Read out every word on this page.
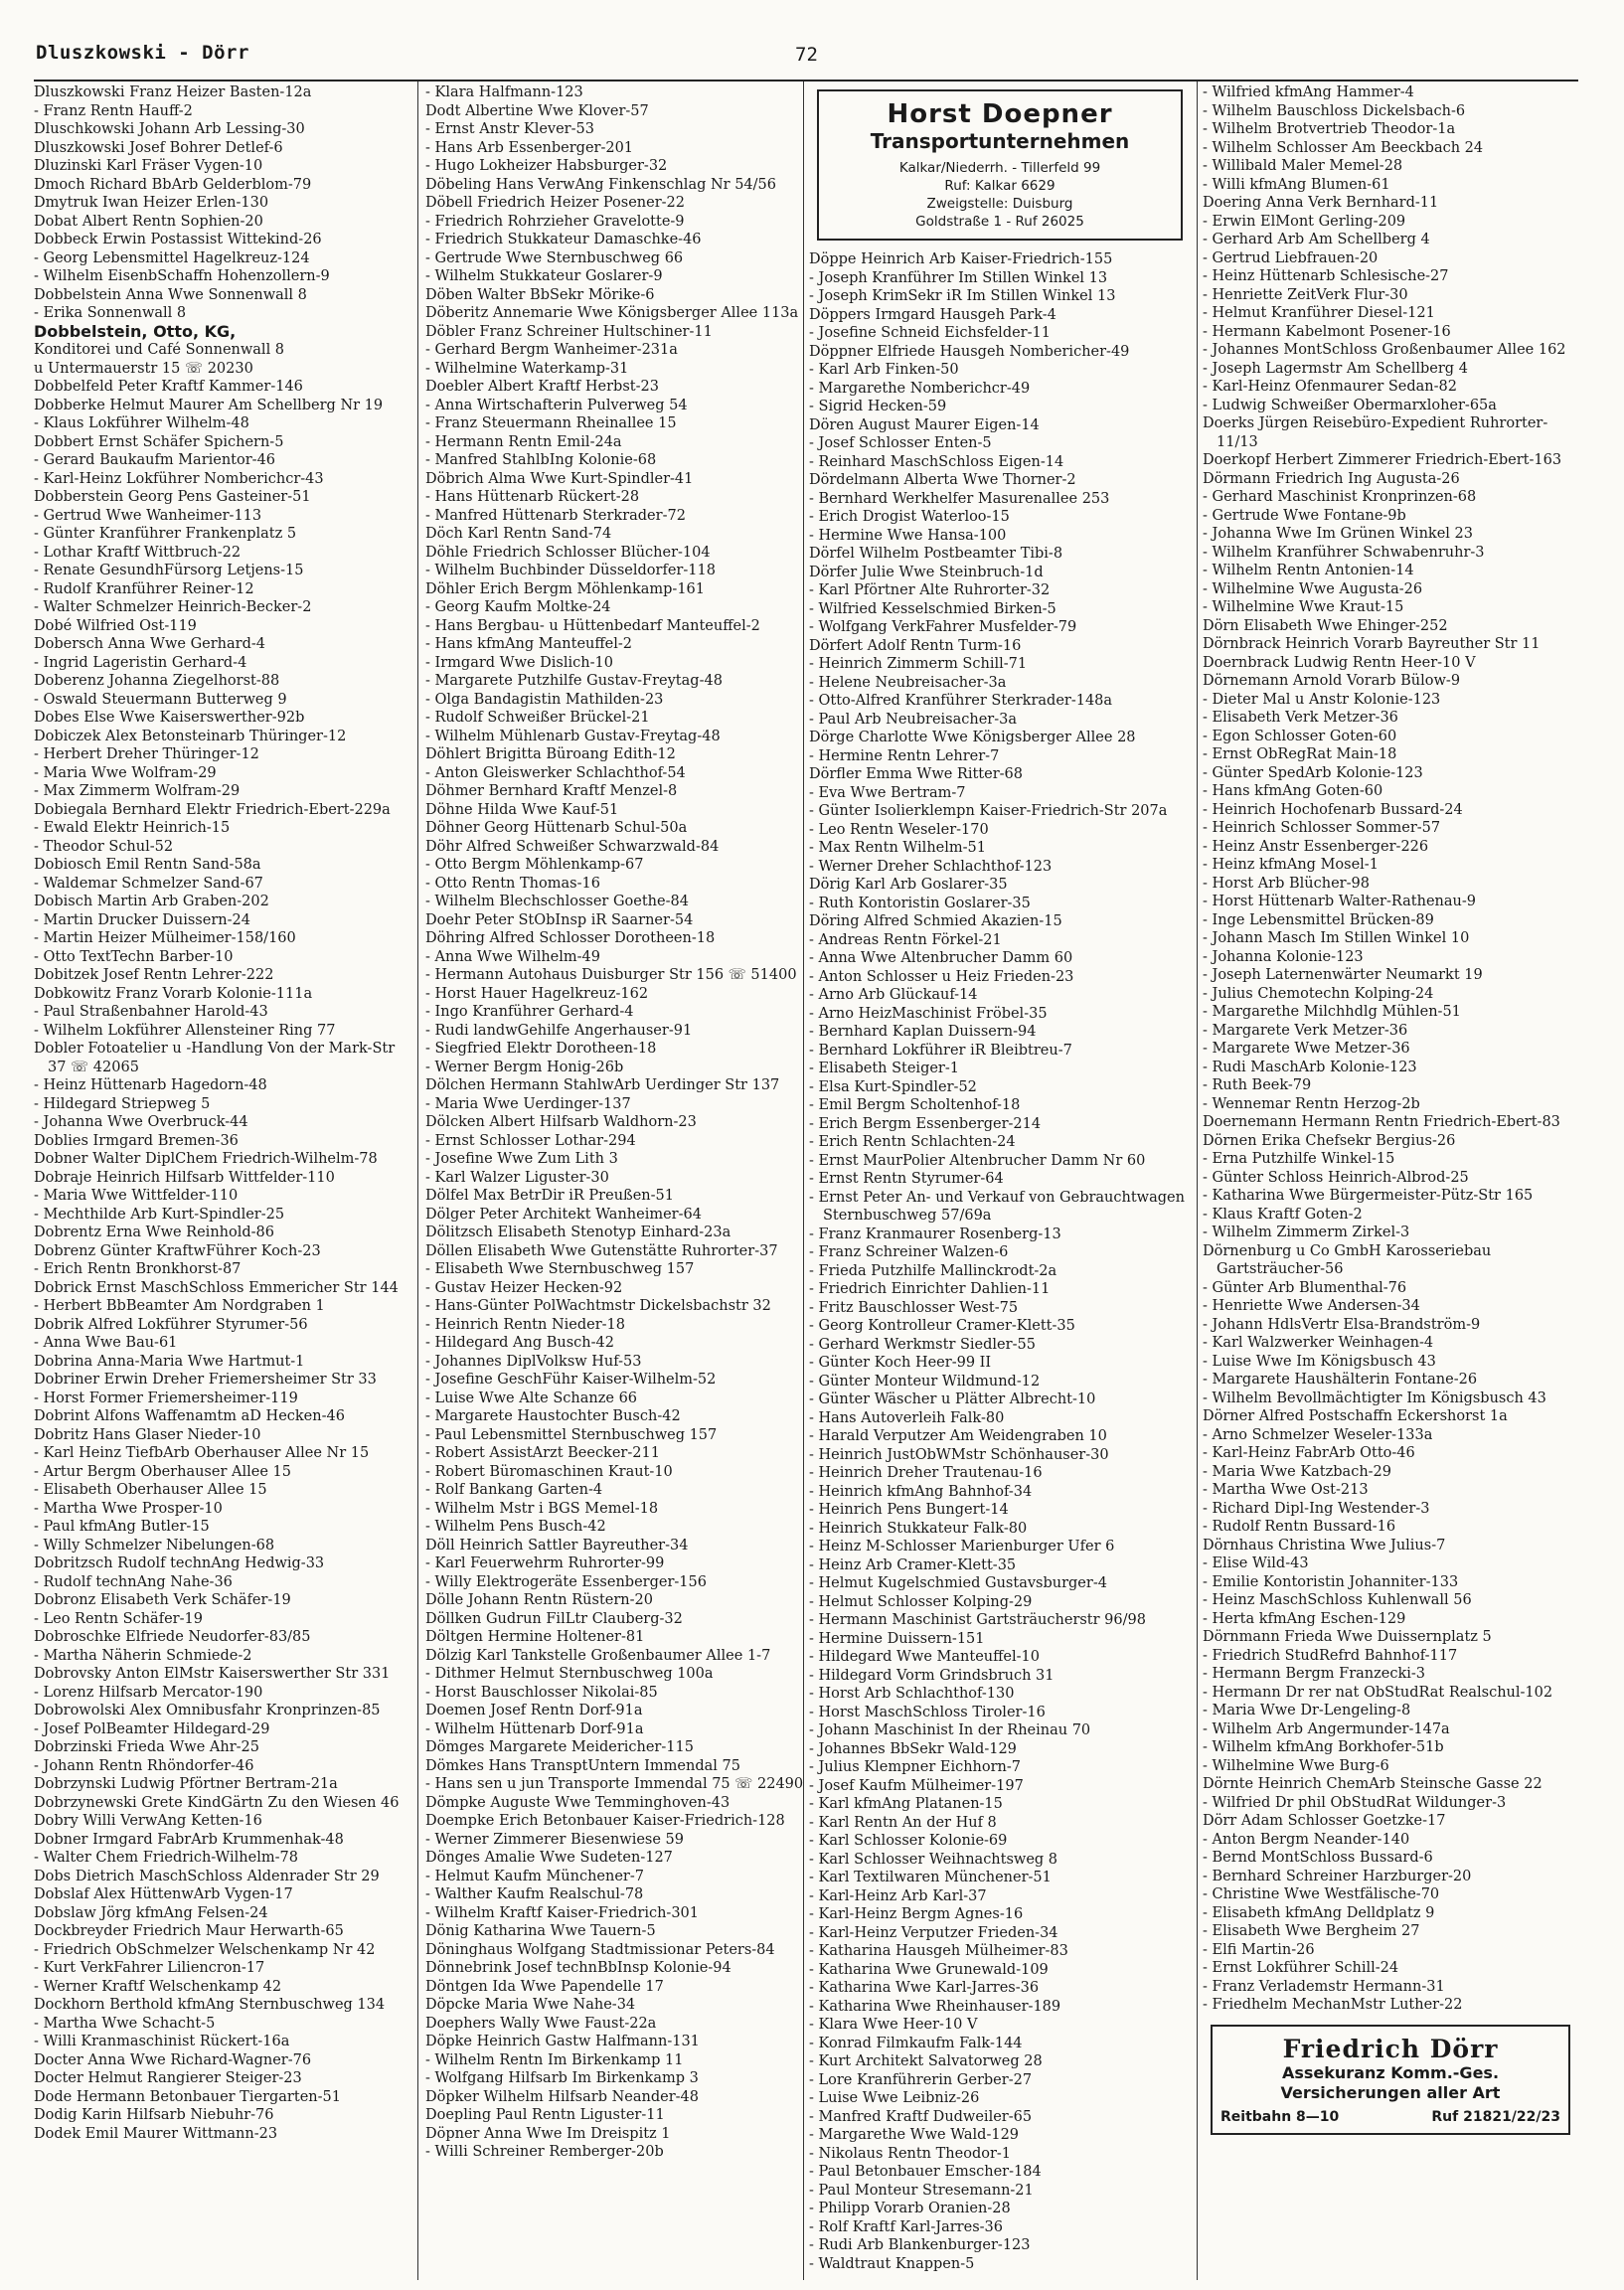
Dluszkowski - Dörr	72
Dluszkowski Franz Heizer Basten-12a
- Franz Rentn Hauff-2
Dluschkowski Johann Arb Lessing-30
Dluszkowski Josef Bohrer Detlef-6
Dluzinski Karl Fräser Vygen-10
Dmoch Richard BbArb Gelderblom-79
Dmytruk Iwan Heizer Erlen-130
Dobat Albert Rentn Sophien-20
Dobbeck Erwin Postassist Wittekind-26
- Georg Lebensmittel Hagelkreuz-124
- Wilhelm EisenbSchaffn Hohenzollern-9
Dobbelstein Anna Wwe Sonnenwall 8
- Erika Sonnenwall 8
Dobbelstein, Otto, KG,
Konditorei und Café Sonnenwall 8
u Untermauerstr 15 ☏ 20230
Dobbelfeld Peter Kraftf Kammer-146
Dobberke Helmut Maurer Am Schellberg Nr 19
- Klaus Lokführer Wilhelm-48
Dobbert Ernst Schäfer Spichern-5
- Gerard Baukaufm Marientor-46
- Karl-Heinz Lokführer Nomberichcr-43
Dobberstein Georg Pens Gasteiner-51
- Gertrud Wwe Wanheimer-113
- Günter Kranführer Frankenplatz 5
- Lothar Kraftf Wittbruch-22
- Renate GesundhFürsorg Letjens-15
- Rudolf Kranführer Reiner-12
- Walter Schmelzer Heinrich-Becker-2
Dobé Wilfried Ost-119
Dobersch Anna Wwe Gerhard-4
- Ingrid Lageristin Gerhard-4
Doberenz Johanna Ziegelhorst-88
- Oswald Steuermann Butterweg 9
Dobes Else Wwe Kaiserswerther-92b
Dobiczek Alex Betonsteinarb Thüringer-12
- Herbert Dreher Thüringer-12
- Maria Wwe Wolfram-29
- Max Zimmerm Wolfram-29
Dobiegala Bernhard Elektr Friedrich-Ebert-229a
- Ewald Elektr Heinrich-15
- Theodor Schul-52
Dobiosch Emil Rentn Sand-58a
- Waldemar Schmelzer Sand-67
Dobisch Martin Arb Graben-202
- Martin Drucker Duissern-24
- Martin Heizer Mülheimer-158/160
- Otto TextTechn Barber-10
Dobitzek Josef Rentn Lehrer-222
Dobkowitz Franz Vorarb Kolonie-111a
- Paul Straßenbahner Harold-43
- Wilhelm Lokführer Allensteiner Ring 77
Dobler Fotoatelier u -Handlung Von der Mark-Str 37 ☏ 42065
- Heinz Hüttenarb Hagedorn-48
- Hildegard Striepweg 5
- Johanna Wwe Overbruck-44
Doblies Irmgard Bremen-36
Dobner Walter DiplChem Friedrich-Wilhelm-78
Dobraje Heinrich Hilfsarb Wittfelder-110
- Maria Wwe Wittfelder-110
- Mechthilde Arb Kurt-Spindler-25
Dobrentz Erna Wwe Reinhold-86
Dobrenz Günter KraftwFührer Koch-23
- Erich Rentn Bronkhorst-87
Dobrick Ernst MaschSchloss Emmericher Str 144
- Herbert BbBeamter Am Nordgraben 1
Dobrik Alfred Lokführer Styrumer-56
- Anna Wwe Bau-61
Dobrina Anna-Maria Wwe Hartmut-1
Dobriner Erwin Dreher Friemersheimer Str 33
- Horst Former Friemersheimer-119
Dobrint Alfons Waffenamtm aD Hecken-46
Dobritz Hans Glaser Nieder-10
- Karl Heinz TiefbArb Oberhauser Allee Nr 15
- Artur Bergm Oberhauser Allee 15
- Elisabeth Oberhauser Allee 15
- Martha Wwe Prosper-10
- Paul kfmAng Butler-15
- Willy Schmelzer Nibelungen-68
Dobritzsch Rudolf technAng Hedwig-33
- Rudolf technAng Nahe-36
Dobronz Elisabeth Verk Schäfer-19
- Leo Rentn Schäfer-19
Dobroschke Elfriede Neudorfer-83/85
- Martha Näherin Schmiede-2
Dobrovsky Anton ElMstr Kaiserswerther Str 331
- Lorenz Hilfsarb Mercator-190
Dobrowolski Alex Omnibusfahr Kronprinzen-85
- Josef PolBeamter Hildegard-29
Dobrzinski Frieda Wwe Ahr-25
- Johann Rentn Rhöndorfer-46
Dobrzynski Ludwig Pförtner Bertram-21a
Dobrzynewski Grete KindGärtn Zu den Wiesen 46
Dobry Willi VerwAng Ketten-16
Dobner Irmgard FabrArb Krummenhak-48
- Walter Chem Friedrich-Wilhelm-78
Dobs Dietrich MaschSchloss Aldenrader Str 29
Dobslaf Alex HüttenwArb Vygen-17
Dobslaw Jörg kfmAng Felsen-24
Dockbreyder Friedrich Maur Herwarth-65
- Friedrich ObSchmelzer Welschenkamp Nr 42
- Kurt VerkFahrer Liliencron-17
- Werner Kraftf Welschenkamp 42
Dockhorn Berthold kfmAng Sternbuschweg 134
- Martha Wwe Schacht-5
- Willi Kranmaschinist Rückert-16a
Docter Anna Wwe Richard-Wagner-76
Docter Helmut Rangierer Steiger-23
Dode Hermann Betonbauer Tiergarten-51
Dodig Karin Hilfsarb Niebuhr-76
Dodek Emil Maurer Wittmann-23
- Klara Halfmann-123
Dodt Albertine Wwe Klover-57
- Ernst Anstr Klever-53
- Hans Arb Essenberger-201
- Hugo Lokheizer Habsburger-32
Döbeling Hans VerwAng Finkenschlag Nr 54/56
Döbell Friedrich Heizer Posener-22
- Friedrich Rohrzieher Gravelotte-9
- Friedrich Stukkateur Damaschke-46
- Gertrude Wwe Sternbuschweg 66
- Wilhelm Stukkateur Goslarer-9
Döben Walter BbSekr Mörike-6
Döberitz Annemarie Wwe Königsberger Allee 113a
Döbler Franz Schreiner Hultschiner-11
- Gerhard Bergm Wanheimer-231a
- Wilhelmine Waterkamp-31
Doebler Albert Kraftf Herbst-23
- Anna Wirtschafterin Pulverweg 54
- Franz Steuermann Rheinallee 15
- Hermann Rentn Emil-24a
- Manfred StahlbIng Kolonie-68
Döbrich Alma Wwe Kurt-Spindler-41
- Hans Hüttenarb Rückert-28
- Manfred Hüttenarb Sterkrader-72
Döch Karl Rentn Sand-74
Döhle Friedrich Schlosser Blücher-104
- Wilhelm Buchbinder Düsseldorfer-118
Döhler Erich Bergm Möhlenkamp-161
- Georg Kaufm Moltke-24
- Hans Bergbau- u Hüttenbedarf Manteuffel-2
- Hans kfmAng Manteuffel-2
- Irmgard Wwe Dislich-10
- Margarete Putzhilfe Gustav-Freytag-48
- Olga Bandagistin Mathilden-23
- Rudolf Schweißer Brückel-21
- Wilhelm Mühlenarb Gustav-Freytag-48
Döhlert Brigitta Büroang Edith-12
- Anton Gleiswerker Schlachthof-54
Döhmer Bernhard Kraftf Menzel-8
Döhne Hilda Wwe Kauf-51
Döhner Georg Hüttenarb Schul-50a
Döhr Alfred Schweißer Schwarzwald-84
- Otto Bergm Möhlenkamp-67
- Otto Rentn Thomas-16
- Wilhelm Blechschlosser Goethe-84
Doehr Peter StObInsp iR Saarner-54
Döhring Alfred Schlosser Dorotheen-18
- Anna Wwe Wilhelm-49
- Hermann Autohaus Duisburger Str 156 ☏ 51400
- Horst Hauer Hagelkreuz-162
- Ingo Kranführer Gerhard-4
- Rudi landwGehilfe Angerhauser-91
- Siegfried Elektr Dorotheen-18
- Werner Bergm Honig-26b
Dölchen Hermann StahlwArb Uerdinger Str 137
- Maria Wwe Uerdinger-137
Dölcken Albert Hilfsarb Waldhorn-23
- Ernst Schlosser Lothar-294
- Josefine Wwe Zum Lith 3
- Karl Walzer Liguster-30
Dölfel Max BetrDir iR Preußen-51
Dölger Peter Architekt Wanheimer-64
Dölitzsch Elisabeth Stenotyp Einhard-23a
Döllen Elisabeth Wwe Gutenstätte Ruhrorter-37
- Elisabeth Wwe Sternbuschweg 157
- Gustav Heizer Hecken-92
- Hans-Günter PolWachtmstr Dickelsbachstr 32
- Heinrich Rentn Nieder-18
- Hildegard Ang Busch-42
- Johannes DiplVolksw Huf-53
- Josefine GeschFühr Kaiser-Wilhelm-52
- Luise Wwe Alte Schanze 66
- Margarete Haustochter Busch-42
- Paul Lebensmittel Sternbuschweg 157
- Robert AssistArzt Beecker-211
- Robert Büromaschinen Kraut-10
- Rolf Bankang Garten-4
- Wilhelm Mstr i BGS Memel-18
- Wilhelm Pens Busch-42
Döll Heinrich Sattler Bayreuther-34
- Karl Feuerwehrm Ruhrorter-99
- Willy Elektrogeräte Essenberger-156
Dölle Johann Rentn Rüstern-20
Döllken Gudrun FilLtr Clauberg-32
Döltgen Hermine Holtener-81
Dölzig Karl Tankstelle Großenbaumer Allee 1-7
- Dithmer Helmut Sternbuschweg 100a
- Horst Bauschlosser Nikolai-85
Doemen Josef Rentn Dorf-91a
- Wilhelm Hüttenarb Dorf-91a
Dömges Margarete Meidericher-115
Dömkes Hans TransptUntern Immendal 75
- Hans sen u jun Transporte Immendal 75 ☏ 22490
Dömpke Auguste Wwe Temminghoven-43
Doempke Erich Betonbauer Kaiser-Friedrich-128
- Werner Zimmerer Biesenwiese 59
Dönges Amalie Wwe Sudeten-127
- Helmut Kaufm Münchener-7
- Walther Kaufm Realschul-78
- Wilhelm Kraftf Kaiser-Friedrich-301
Dönig Katharina Wwe Tauern-5
Döninghaus Wolfgang Stadtmissionar Peters-84
Dönnebrink Josef technBbInsp Kolonie-94
Döntgen Ida Wwe Papendelle 17
Döpcke Maria Wwe Nahe-34
Doephers Wally Wwe Faust-22a
Döpke Heinrich Gastw Halfmann-131
- Wilhelm Rentn Im Birkenkamp 11
- Wolfgang Hilfsarb Im Birkenkamp 3
Döpker Wilhelm Hilfsarb Neander-48
Doepling Paul Rentn Liguster-11
Döpner Anna Wwe Im Dreispitz 1
- Willi Schreiner Remberger-20b
Horst Doepner
Transportunternehmen
Kalkar/Niederrh. - Tillerfeld 99
Ruf: Kalkar 6629
Zweigstelle: Duisburg
Goldstraße 1 - Ruf 26025
Döppe Heinrich Arb Kaiser-Friedrich-155
- Joseph Kranführer Im Stillen Winkel 13
- Joseph KrimSekr iR Im Stillen Winkel 13
Döppers Irmgard Hausgeh Park-4
- Josefine Schneid Eichsfelder-11
Döppner Elfriede Hausgeh Nombericher-49
- Karl Arb Finken-50
- Margarethe Nomberichcr-49
- Sigrid Hecken-59
Dören August Maurer Eigen-14
- Josef Schlosser Enten-5
- Reinhard MaschSchloss Eigen-14
Dördelmann Alberta Wwe Thorner-2
- Bernhard Werkhelfer Masurenallee 253
- Erich Drogist Waterloo-15
- Hermine Wwe Hansa-100
Dörfel Wilhelm Postbeamter Tibi-8
Dörfer Julie Wwe Steinbruch-1d
- Karl Pförtner Alte Ruhrorter-32
- Wilfried Kesselschmied Birken-5
- Wolfgang VerkFahrer Musfelder-79
Dörfert Adolf Rentn Turm-16
- Heinrich Zimmerm Schill-71
- Helene Neubreisacher-3a
- Otto-Alfred Kranführer Sterkrader-148a
- Paul Arb Neubreisacher-3a
Dörge Charlotte Wwe Königsberger Allee 28
- Hermine Rentn Lehrer-7
Dörfler Emma Wwe Ritter-68
- Eva Wwe Bertram-7
- Günter Isolierklempn Kaiser-Friedrich-Str 207a
- Leo Rentn Weseler-170
- Max Rentn Wilhelm-51
- Werner Dreher Schlachthof-123
Dörig Karl Arb Goslarer-35
- Ruth Kontoristin Goslarer-35
Döring Alfred Schmied Akazien-15
- Andreas Rentn Förkel-21
- Anna Wwe Altenbrucher Damm 60
- Anton Schlosser u Heiz Frieden-23
- Arno Arb Glückauf-14
- Arno HeizMaschinist Fröbel-35
- Bernhard Kaplan Duissern-94
- Bernhard Lokführer iR Bleibtreu-7
- Elisabeth Steiger-1
- Elsa Kurt-Spindler-52
- Emil Bergm Scholtenhof-18
- Erich Bergm Essenberger-214
- Erich Rentn Schlachten-24
- Ernst MaurPolier Altenbrucher Damm Nr 60
- Ernst Rentn Styrumer-64
- Ernst Peter An- und Verkauf von Gebrauchtwagen Sternbuschweg 57/69a
- Franz Kranmaurer Rosenberg-13
- Franz Schreiner Walzen-6
- Frieda Putzhilfe Mallinckrodt-2a
- Friedrich Einrichter Dahlien-11
- Fritz Bauschlosser West-75
- Georg Kontrolleur Cramer-Klett-35
- Gerhard Werkmstr Siedler-55
- Günter Koch Heer-99 II
- Günter Monteur Wildmund-12
- Günter Wäscher u Plätter Albrecht-10
- Hans Autoverleih Falk-80
- Harald Verputzer Am Weidengraben 10
- Heinrich JustObWMstr Schönhauser-30
- Heinrich Dreher Trautenau-16
- Heinrich kfmAng Bahnhof-34
- Heinrich Pens Bungert-14
- Heinrich Stukkateur Falk-80
- Heinz M-Schlosser Marienburger Ufer 6
- Heinz Arb Cramer-Klett-35
- Helmut Kugelschmied Gustavsburger-4
- Helmut Schlosser Kolping-29
- Hermann Maschinist Gartsträucherstr 96/98
- Hermine Duissern-151
- Hildegard Wwe Manteuffel-10
- Hildegard Vorm Grindsbruch 31
- Horst Arb Schlachthof-130
- Horst MaschSchloss Tiroler-16
- Johann Maschinist In der Rheinau 70
- Johannes BbSekr Wald-129
- Julius Klempner Eichhorn-7
- Josef Kaufm Mülheimer-197
- Karl kfmAng Platanen-15
- Karl Rentn An der Huf 8
- Karl Schlosser Kolonie-69
- Karl Schlosser Weihnachtsweg 8
- Karl Textilwaren Münchener-51
- Karl-Heinz Arb Karl-37
- Karl-Heinz Bergm Agnes-16
- Karl-Heinz Verputzer Frieden-34
- Katharina Hausgeh Mülheimer-83
- Katharina Wwe Grunewald-109
- Katharina Wwe Karl-Jarres-36
- Katharina Wwe Rheinhauser-189
- Klara Wwe Heer-10 V
- Konrad Filmkaufm Falk-144
- Kurt Architekt Salvatorweg 28
- Lore Kranführerin Gerber-27
- Luise Wwe Leibniz-26
- Manfred Kraftf Dudweiler-65
- Margarethe Wwe Wald-129
- Nikolaus Rentn Theodor-1
- Paul Betonbauer Emscher-184
- Paul Monteur Stresemann-21
- Philipp Vorarb Oranien-28
- Rolf Kraftf Karl-Jarres-36
- Rudi Arb Blankenburger-123
- Waldtraut Knappen-5
- Wilfried kfmAng Hammer-4
- Wilhelm Bauschloss Dickelsbach-6
- Wilhelm Brotvertrieb Theodor-1a
- Wilhelm Schlosser Am Beeckbach 24
- Willibald Maler Memel-28
- Willi kfmAng Blumen-61
Doering Anna Verk Bernhard-11
- Erwin ElMont Gerling-209
- Gerhard Arb Am Schellberg 4
- Gertrud Liebfrauen-20
- Heinz Hüttenarb Schlesische-27
- Henriette ZeitVerk Flur-30
- Helmut Kranführer Diesel-121
- Hermann Kabelmont Posener-16
- Johannes MontSchloss Großenbaumer Allee 162
- Joseph Lagermstr Am Schellberg 4
- Karl-Heinz Ofenmaurer Sedan-82
- Ludwig Schweißer Obermarxloher-65a
Doerks Jürgen Reisebüro-Expedient Ruhrorter-11/13
Doerkopf Herbert Zimmerer Friedrich-Ebert-163
Dörmann Friedrich Ing Augusta-26
- Gerhard Maschinist Kronprinzen-68
- Gertrude Wwe Fontane-9b
- Johanna Wwe Im Grünen Winkel 23
- Wilhelm Kranführer Schwabenruhr-3
- Wilhelm Rentn Antonien-14
- Wilhelmine Wwe Augusta-26
- Wilhelmine Wwe Kraut-15
Dörn Elisabeth Wwe Ehinger-252
Dörnbrack Heinrich Vorarb Bayreuther Str 11
Doernbrack Ludwig Rentn Heer-10 V
Dörnemann Arnold Vorarb Bülow-9
- Dieter Mal u Anstr Kolonie-123
- Elisabeth Verk Metzer-36
- Egon Schlosser Goten-60
- Ernst ObRegRat Main-18
- Günter SpedArb Kolonie-123
- Hans kfmAng Goten-60
- Heinrich Hochofenarb Bussard-24
- Heinrich Schlosser Sommer-57
- Heinz Anstr Essenberger-226
- Heinz kfmAng Mosel-1
- Horst Arb Blücher-98
- Horst Hüttenarb Walter-Rathenau-9
- Inge Lebensmittel Brücken-89
- Johann Masch Im Stillen Winkel 10
- Johanna Kolonie-123
- Joseph Laternenwärter Neumarkt 19
- Julius Chemotechn Kolping-24
- Margarethe Milchhdlg Mühlen-51
- Margarete Verk Metzer-36
- Margarete Wwe Metzer-36
- Rudi MaschArb Kolonie-123
- Ruth Beek-79
- Wennemar Rentn Herzog-2b
Doernemann Hermann Rentn Friedrich-Ebert-83
Dörnen Erika Chefsekr Bergius-26
- Erna Putzhilfe Winkel-15
- Günter Schloss Heinrich-Albrod-25
- Katharina Wwe Bürgermeister-Pütz-Str 165
- Klaus Kraftf Goten-2
- Wilhelm Zimmerm Zirkel-3
Dörnenburg u Co GmbH Karosseriebau Gartsträucher-56
- Günter Arb Blumenthal-76
- Henriette Wwe Andersen-34
- Johann HdlsVertr Elsa-Brandström-9
- Karl Walzwerker Weinhagen-4
- Luise Wwe Im Königsbusch 43
- Margarete Haushälterin Fontane-26
- Wilhelm Bevollmächtigter Im Königsbusch 43
Dörner Alfred Postschaffn Eckershorst 1a
- Arno Schmelzer Weseler-133a
- Karl-Heinz FabrArb Otto-46
- Maria Wwe Katzbach-29
- Martha Wwe Ost-213
- Richard Dipl-Ing Westender-3
- Rudolf Rentn Bussard-16
Dörnhaus Christina Wwe Julius-7
- Elise Wild-43
- Emilie Kontoristin Johanniter-133
- Heinz MaschSchloss Kuhlenwall 56
- Herta kfmAng Eschen-129
Dörnmann Frieda Wwe Duissernplatz 5
- Friedrich StudRefrd Bahnhof-117
- Hermann Bergm Franzecki-3
- Hermann Dr rer nat ObStudRat Realschul-102
- Maria Wwe Dr-Lengeling-8
- Wilhelm Arb Angermunder-147a
- Wilhelm kfmAng Borkhofer-51b
- Wilhelmine Wwe Burg-6
Dörnte Heinrich ChemArb Steinsche Gasse 22
- Wilfried Dr phil ObStudRat Wildunger-3
Dörr Adam Schlosser Goetzke-17
- Anton Bergm Neander-140
- Bernd MontSchloss Bussard-6
- Bernhard Schreiner Harzburger-20
- Christine Wwe Westfälische-70
- Elisabeth kfmAng Delldplatz 9
- Elisabeth Wwe Bergheim 27
- Elfi Martin-26
- Ernst Lokführer Schill-24
- Franz Verlademstr Hermann-31
- Friedhelm MechanMstr Luther-22
Friedrich Dörr
Assekuranz Komm.-Ges.
Versicherungen aller Art
Reitbahn 8—10	Ruf 21821/22/23
